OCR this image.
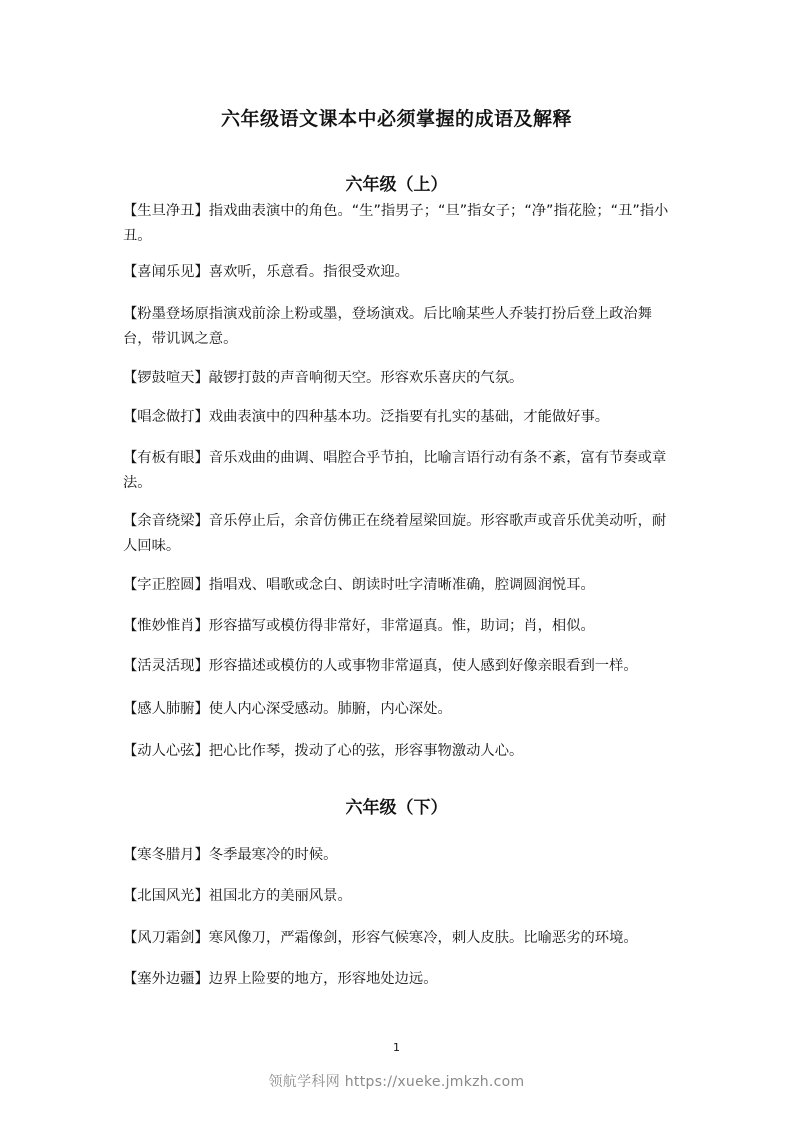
六年级语文课本中必须掌握的成语及解释
六年级（上）

【生旦净丑】指戏曲表演中的角色。“生”指男子；“旦”指女子；“净”指花脸；“丑”指小丑。

【喜闻乐见】喜欢听，乐意看。指很受欢迎。

【粉墨登场原指演戏前涂上粉或墨，登场演戏。后比喻某些人乔装打扮后登上政治舞台，带讥讽之意。

【锣鼓喧天】敲锣打鼓的声音响彻天空。形容欢乐喜庆的气氛。

【唱念做打】戏曲表演中的四种基本功。泛指要有扎实的基础，才能做好事。

【有板有眼】音乐戏曲的曲调、唱腔合乎节拍，比喻言语行动有条不紊，富有节奏或章法。

【余音绕梁】音乐停止后，余音仿佛正在绕着屋梁回旋。形容歌声或音乐优美动听，耐人回味。

【字正腔圆】指唱戏、唱歌或念白、朗读时吐字清晰准确，腔调圆润悦耳。

【惟妙惟肖】形容描写或模仿得非常好，非常逼真。惟，助词；肖，相似。

【活灵活现】形容描述或模仿的人或事物非常逼真，使人感到好像亲眼看到一样。

【感人肺腑】使人内心深受感动。肺腑，内心深处。

【动人心弦】把心比作琴，拨动了心的弦，形容事物激动人心。

六年级（下）

【寒冬腊月】冬季最寒冷的时候。

【北国风光】祖国北方的美丽风景。

【风刀霜剑】寒风像刀，严霜像剑，形容气候寒冷，刺人皮肤。比喻恶劣的环境。

【塞外边疆】边界上险要的地方，形容地处边远。

1

领航学科网 https://xueke.jmkzh.com
